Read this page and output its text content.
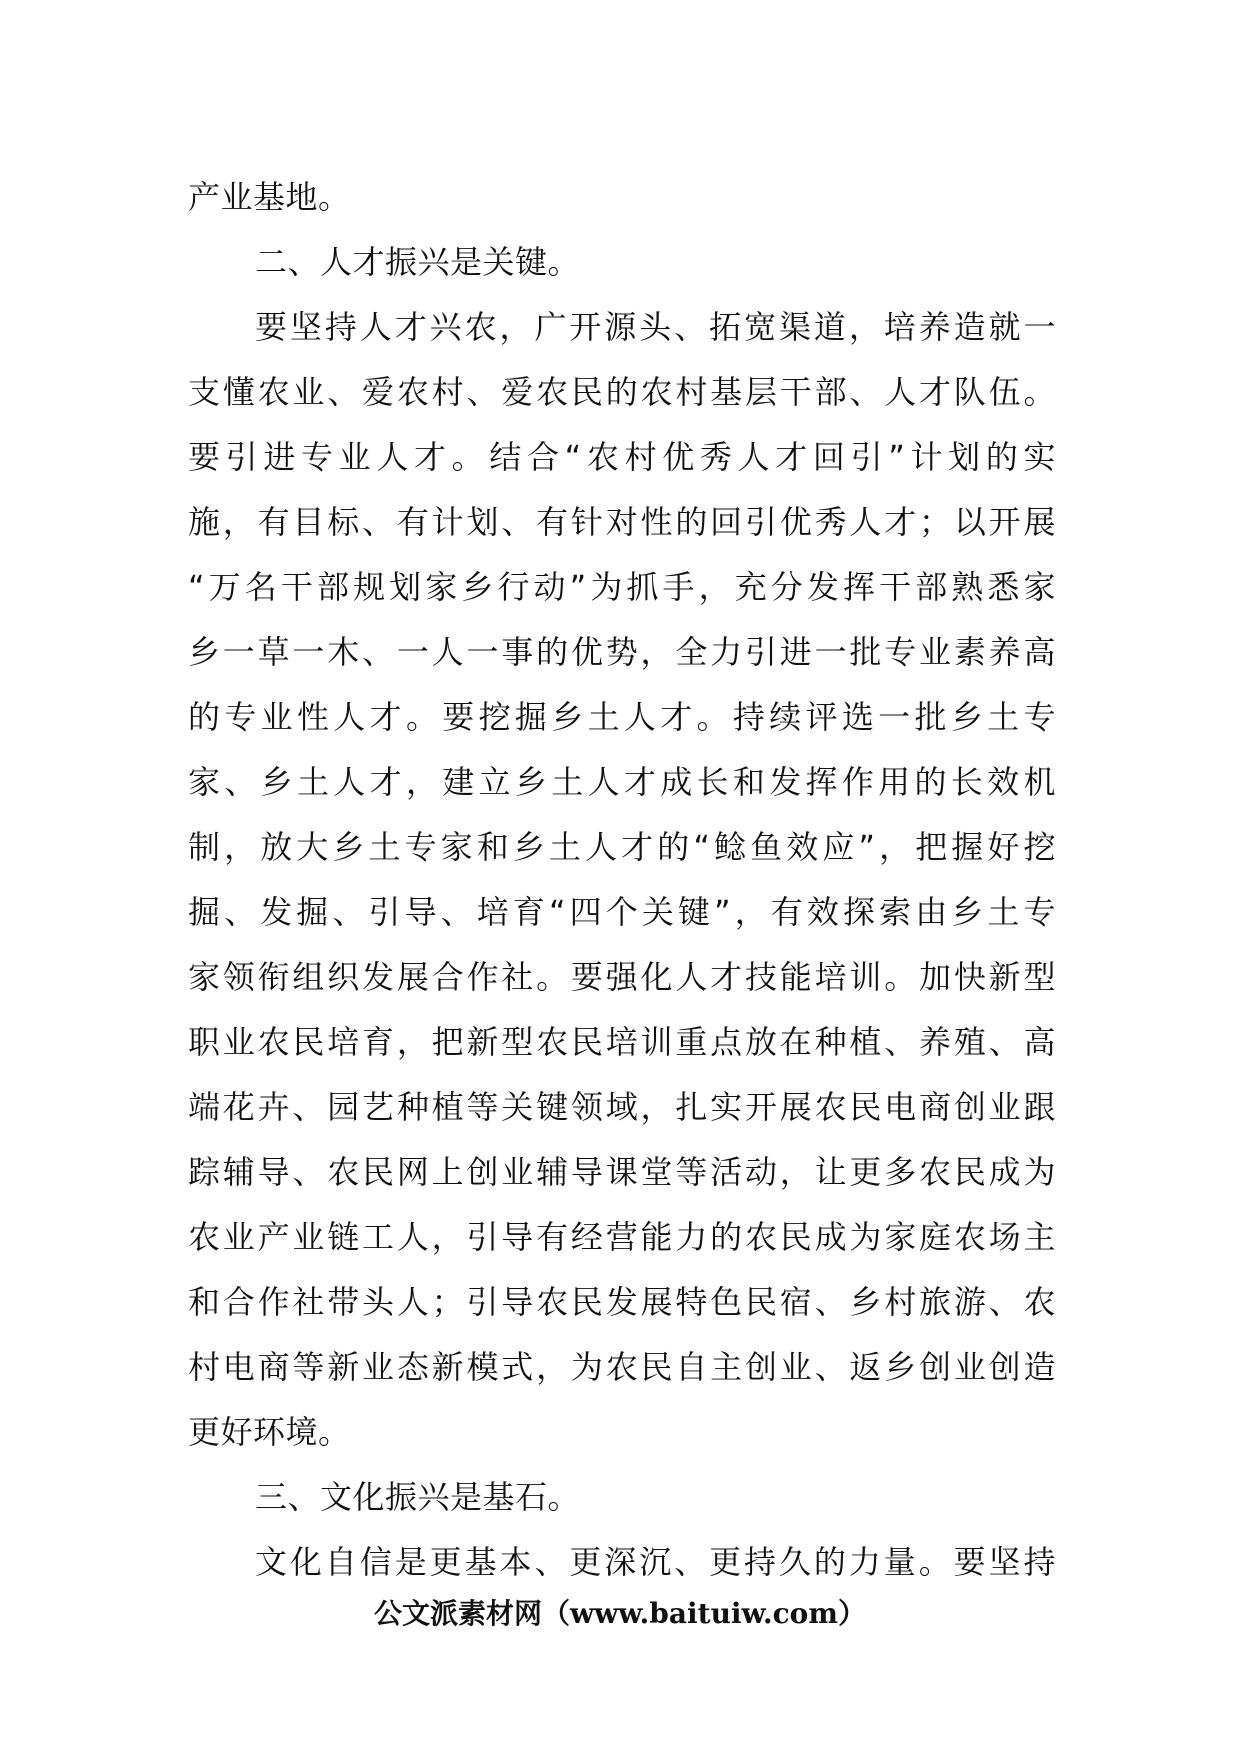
产业基地。
二、人才振兴是关键。
要坚持人才兴农，广开源头、拓宽渠道，培养造就一
支懂农业、爱农村、爱农民的农村基层干部、人才队伍。
要引进专业人才。结合“农村优秀人才回引”计划的实
施，有目标、有计划、有针对性的回引优秀人才；以开展
“万名干部规划家乡行动”为抓手，充分发挥干部熟悉家
乡一草一木、一人一事的优势，全力引进一批专业素养高
的专业性人才。要挖掘乡土人才。持续评选一批乡土专
家、乡土人才，建立乡土人才成长和发挥作用的长效机
制，放大乡土专家和乡土人才的“鲶鱼效应”，把握好挖
掘、发掘、引导、培育“四个关键”，有效探索由乡土专
家领衔组织发展合作社。要强化人才技能培训。加快新型
职业农民培育，把新型农民培训重点放在种植、养殖、高
端花卉、园艺种植等关键领域，扎实开展农民电商创业跟
踪辅导、农民网上创业辅导课堂等活动，让更多农民成为
农业产业链工人，引导有经营能力的农民成为家庭农场主
和合作社带头人；引导农民发展特色民宿、乡村旅游、农
村电商等新业态新模式，为农民自主创业、返乡创业创造
更好环境。
三、文化振兴是基石。
文化自信是更基本、更深沉、更持久的力量。要坚持
公文派素材网（www.baituiw.com）
